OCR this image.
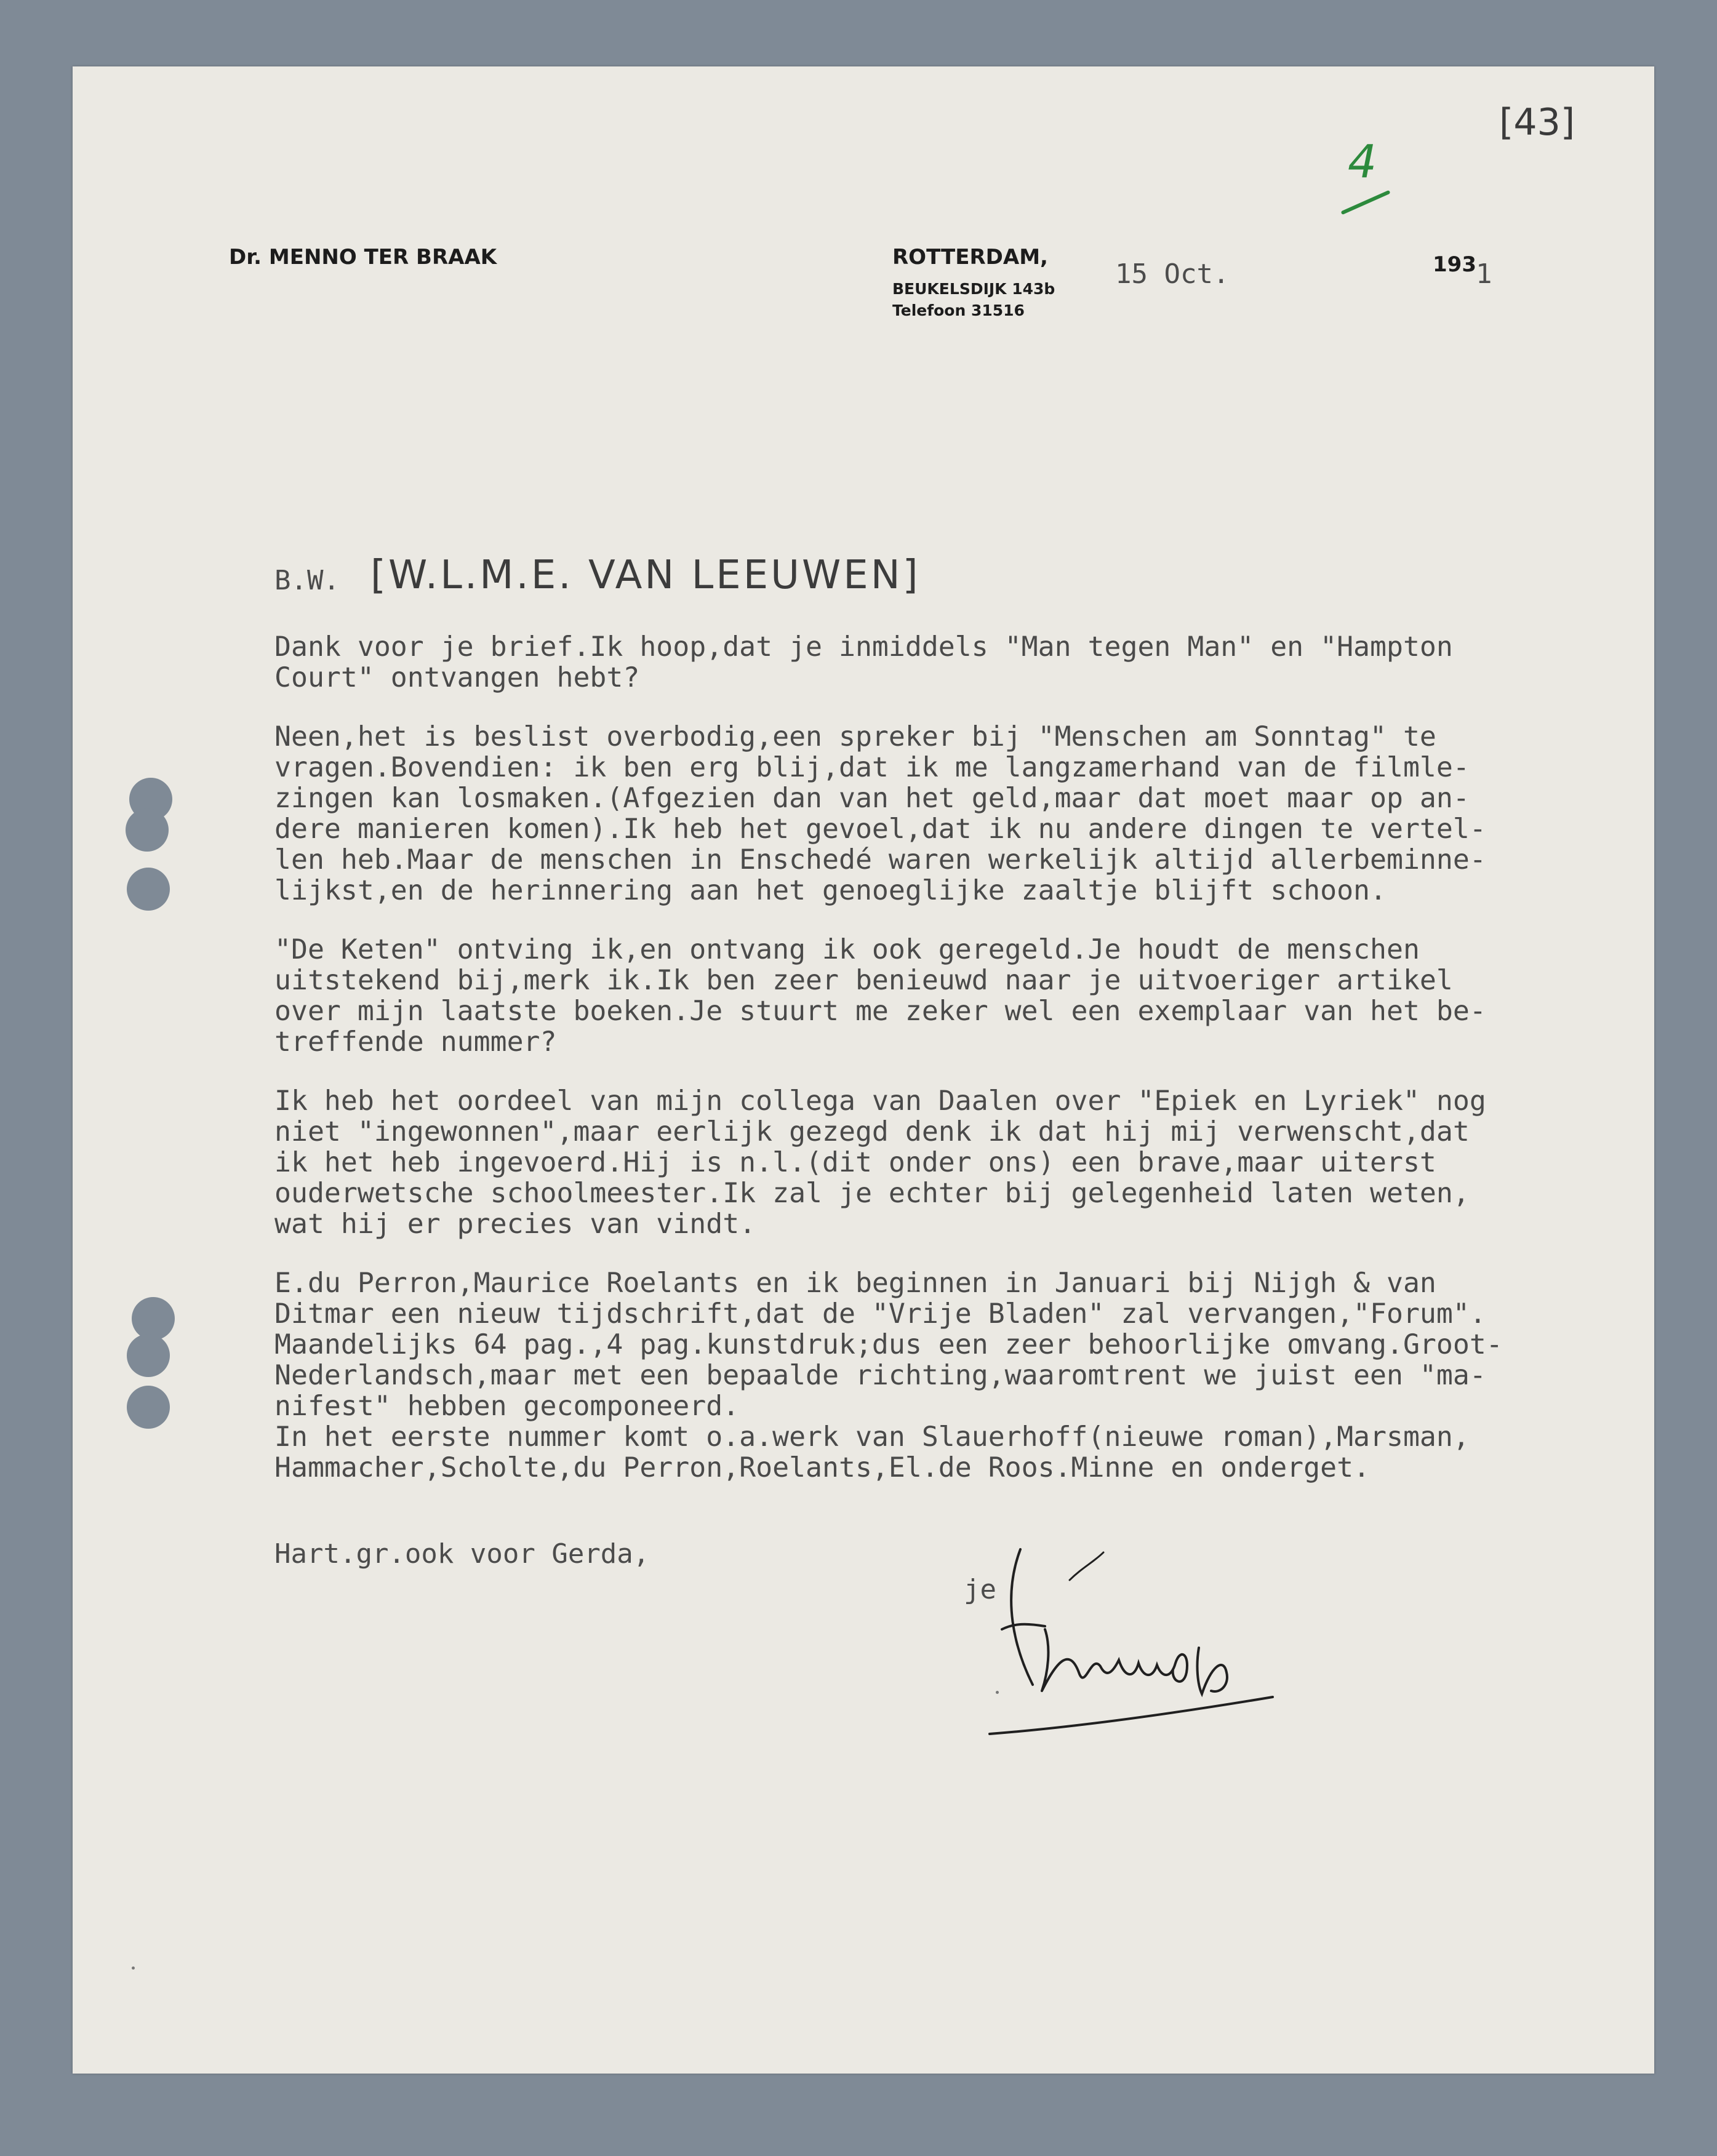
Dr. MENNO TER BRAAK	ROTTERDAM,
BEUKELSDIJK 143b
Telefoon 31516
15 Oct.	193 1
[43]
4
B.W. [W.L.M.E. VAN LEEUWEN]
Dank voor je brief.Ik hoop,dat je inmiddels "Man tegen Man" en "Hampton
Court" ontvangen hebt?
Neen,het is beslist overbodig,een spreker bij "Menschen am Sonntag" te
vragen.Bovendien: ik ben erg blij,dat ik me langzamerhand van de filmle-
zingen kan losmaken.(Afgezien dan van het geld,maar dat moet maar op an-
dere manieren komen).Ik heb het gevoel,dat ik nu andere dingen te vertel-
len heb.Maar de menschen in Enschedé waren werkelijk altijd allerbeminne-
lijkst,en de herinnering aan het genoeglijke zaaltje blijft schoon.
"De Keten" ontving ik,en ontvang ik ook geregeld.Je houdt de menschen
uitstekend bij,merk ik.Ik ben zeer benieuwd naar je uitvoeriger artikel
over mijn laatste boeken.Je stuurt me zeker wel een exemplaar van het be-
treffende nummer?
Ik heb het oordeel van mijn collega van Daalen over "Epiek en Lyriek" nog
niet "ingewonnen",maar eerlijk gezegd denk ik dat hij mij verwenscht,dat
ik het heb ingevoerd.Hij is n.l.(dit onder ons) een brave,maar uiterst
ouderwetsche schoolmeester.Ik zal je echter bij gelegenheid laten weten,
wat hij er precies van vindt.
E.du Perron,Maurice Roelants en ik beginnen in Januari bij Nijgh & van
Ditmar een nieuw tijdschrift,dat de "Vrije Bladen" zal vervangen,"Forum".
Maandelijks 64 pag.,4 pag.kunstdruk;dus een zeer behoorlijke omvang.Groot-
Nederlandsch,maar met een bepaalde richting,waaromtrent we juist een "ma-
nifest" hebben gecomponeerd.
In het eerste nummer komt o.a.werk van Slauerhoff(nieuwe roman),Marsman,
Hammacher,Scholte,du Perron,Roelants,El.de Roos.Minne en onderget.
Hart.gr.ook voor Gerda,
je
